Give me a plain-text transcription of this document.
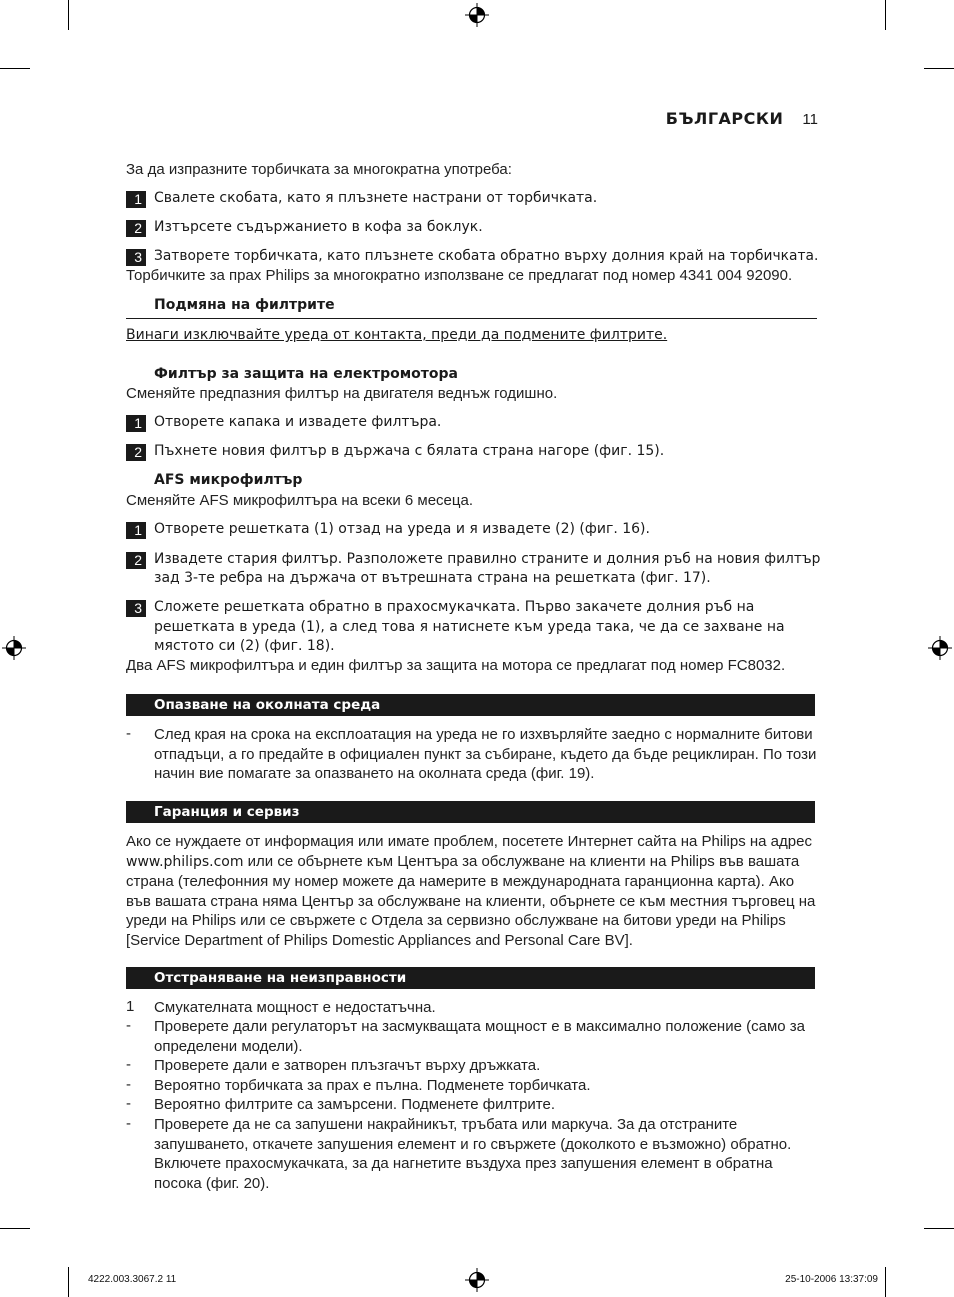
БЪЛГАРСКИ 11
За да изпразните торбичката за многократна употреба:
1 Свалете скобата, като я плъзнете настрани от торбичката.
2 Изтърсете съдържанието в кофа за боклук.
3 Затворете торбичката, като плъзнете скобата обратно върху долния край на торбичката.
Торбичките за прах Philips за многократно използване се предлагат под номер 4341 004 92090.
Подмяна на филтрите
Винаги изключвайте уреда от контакта, преди да подмените филтрите.
Филтър за защита на електромотора
Сменяйте предпазния филтър на двигателя веднъж годишно.
1 Отворете капака и извадете филтъра.
2 Пъхнете новия филтър в държача с бялата страна нагоре (фиг. 15).
AFS микрофилтър
Сменяйте AFS микрофилтъра на всеки 6 месеца.
1 Отворете решетката (1) отзад на уреда и я извадете (2) (фиг. 16).
2 Извадете стария филтър. Разположете правилно страните и долния ръб на новия филтър
зад 3-те ребра на държача от вътрешната страна на решетката (фиг. 17).
3 Сложете решетката обратно в прахосмукачката. Първо закачете долния ръб на
решетката в уреда (1), а след това я натиснете към уреда така, че да се захване на
мястото си (2) (фиг. 18).
Два AFS микрофилтъра и един филтър за защита на мотора се предлагат под номер FC8032.
Опазване на околната среда
- След края на срока на експлоатация на уреда не го изхвърляйте заедно с нормалните битови отпадъци, а го предайте в официален пункт за събиране, където да бъде рециклиран. По този начин вие помагате за опазването на околната среда (фиг. 19).
Гаранция и сервиз
Ако се нуждаете от информация или имате проблем, посетете Интернет сайта на Philips на адрес www.philips.com или се обърнете към Центъра за обслужване на клиенти на Philips във вашата страна (телефонния му номер можете да намерите в международната гаранционна карта). Ако във вашата страна няма Център за обслужване на клиенти, обърнете се към местния търговец на уреди на Philips или се свържете с Отдела за сервизно обслужване на битови уреди на Philips [Service Department of Philips Domestic Appliances and Personal Care BV].
Отстраняване на неизправности
1 Смукателната мощност е недостатъчна.
- Проверете дали регулаторът на засмукващата мощност е в максимално положение (само за определени модели).
- Проверете дали е затворен плъзгачът върху дръжката.
- Вероятно торбичката за прах е пълна. Подменете торбичката.
- Вероятно филтрите са замърсени. Подменете филтрите.
- Проверете да не са запушени накрайникът, тръбата или маркуча. За да отстраните запушването, откачете запушения елемент и го свържете (доколкото е възможно) обратно. Включете прахосмукачката, за да нагнетите въздуха през запушения елемент в обратна посока (фиг. 20).
4222.003.3067.2 11	25-10-2006 13:37:09
